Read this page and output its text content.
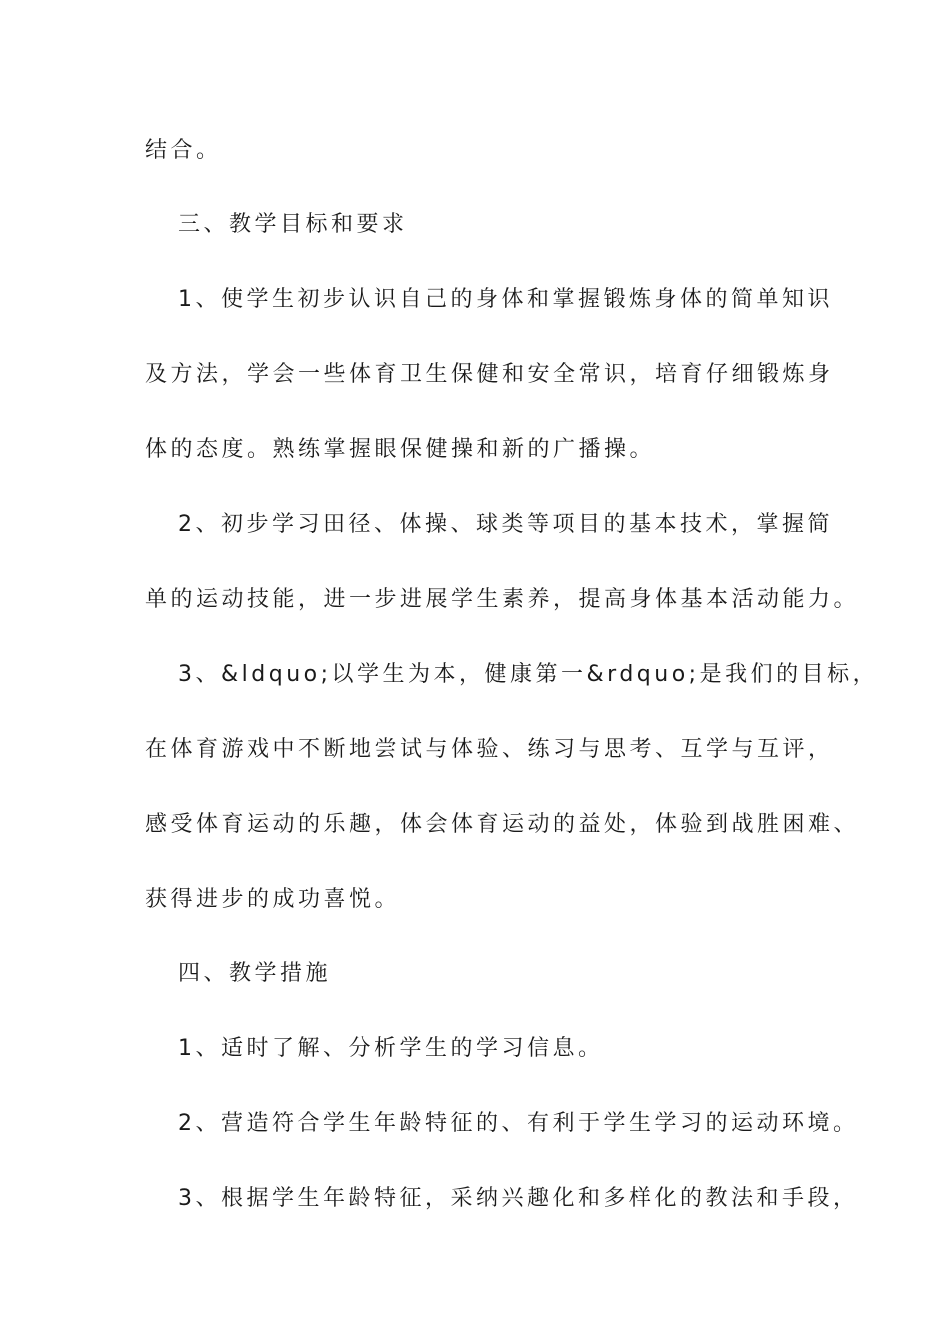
结合。
三、教学目标和要求
1、使学生初步认识自己的身体和掌握锻炼身体的简单知识
及方法，学会一些体育卫生保健和安全常识，培育仔细锻炼身
体的态度。熟练掌握眼保健操和新的广播操。
2、初步学习田径、体操、球类等项目的基本技术，掌握简
单的运动技能，进一步进展学生素养，提高身体基本活动能力。
3、&ldquo;以学生为本，健康第一&rdquo;是我们的目标，
在体育游戏中不断地尝试与体验、练习与思考、互学与互评，
感受体育运动的乐趣，体会体育运动的益处，体验到战胜困难、
获得进步的成功喜悦。
四、教学措施
1、适时了解、分析学生的学习信息。
2、营造符合学生年龄特征的、有利于学生学习的运动环境。
3、根据学生年龄特征，采纳兴趣化和多样化的教法和手段，
